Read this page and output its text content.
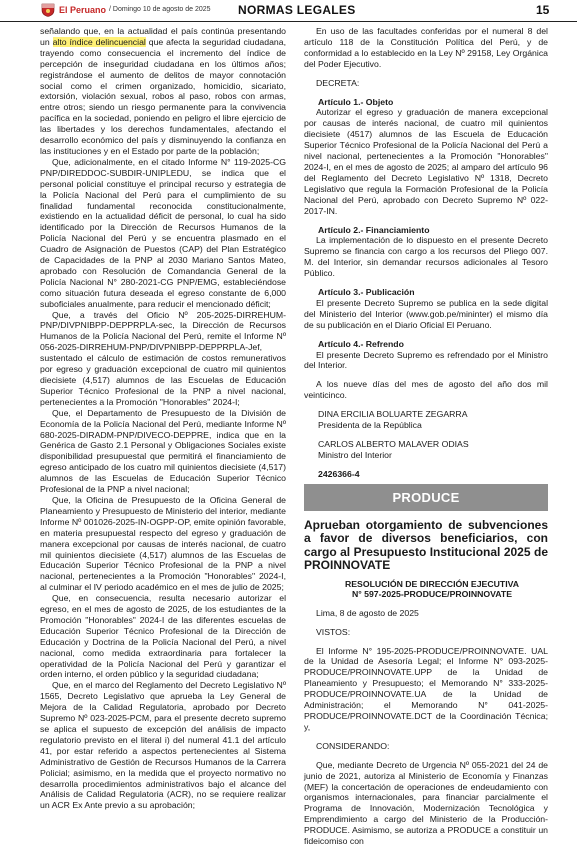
El Peruano / Domingo 10 de agosto de 2025 NORMAS LEGALES	15

señalando que, en la actualidad el país continúa presentando un alto índice delincuencial que afecta la seguridad ciudadana, trayendo como consecuencia el incremento del índice de percepción de inseguridad ciudadana en los últimos años; registrándose el aumento de delitos de mayor connotación social como el crimen organizado, homicidio, sicariato, extorsión, violación sexual, robos al paso, robos con armas, entre otros; siendo un riesgo permanente para la convivencia pacífica en la sociedad, poniendo en peligro el libre ejercicio de las libertades y los derechos fundamentales, afectando el desarrollo económico del país y disminuyendo la confianza en las instituciones y en el Estado por parte de la población;

Que, adicionalmente, en el citado Informe N° 119-2025-CG PNP/DIREDDOC-SUBDIR-UNIPLEDU, se indica que el personal policial constituye el principal recurso y estrategia de la Policía Nacional del Perú para el cumplimiento de su finalidad fundamental reconocida constitucionalmente, existiendo en la actualidad déficit de personal, lo cual ha sido identificado por la Dirección de Recursos Humanos de la Policía Nacional del Perú y se encuentra plasmado en el Cuadro de Asignación de Puestos (CAP) del Plan Estratégico de Capacidades de la PNP al 2030 Mariano Santos Mateo, aprobado con Resolución de Comandancia General de la Policía Nacional N° 280-2021-CG PNP/EMG, estableciéndose como situación futura deseada el egreso constante de 6,000 suboficiales anualmente, para reducir el mencionado déficit;

Que, a través del Oficio Nº 205-2025-DIRREHUM-PNP/DIVPNIBPP-DEPPRPLA-sec, la Dirección de Recursos Humanos de la Policía Nacional del Perú, remite el Informe Nº 056-2025-DIRREHUM-PNP/DIVPNIBPP-DEPPRPLA-Jef, sustentado el cálculo de estimación de costos remunerativos por egreso y graduación excepcional de cuatro mil quinientos diecisiete (4,517) alumnos de las Escuelas de Educación Superior Técnico Profesional de la PNP a nivel nacional, pertenecientes a la Promoción "Honorables" 2024-I;

Que, el Departamento de Presupuesto de la División de Economía de la Policía Nacional del Perú, mediante Informe Nº 680-2025-DIRADM-PNP/DIVECO-DEPPRE, indica que en la Genérica de Gasto 2.1 Personal y Obligaciones Sociales existe disponibilidad presupuestal que permitirá el financiamiento de egreso anticipado de los cuatro mil quinientos diecisiete (4,517) alumnos de las Escuelas de Educación Superior Técnico Profesional de la PNP a nivel nacional;

Que, la Oficina de Presupuesto de la Oficina General de Planeamiento y Presupuesto de Ministerio del interior, mediante Informe Nº 001026-2025-IN-OGPP-OP, emite opinión favorable, en materia presupuestal respecto del egreso y graduación de manera excepcional por causas de interés nacional, de cuatro mil quinientos diecisiete (4,517) alumnos de las Escuelas de Educación Superior Técnico Profesional de la PNP a nivel nacional, pertenecientes a la Promoción "Honorables" 2024-I, al culminar el IV periodo académico en el mes de julio de 2025;

Que, en consecuencia, resulta necesario autorizar el egreso, en el mes de agosto de 2025, de los estudiantes de la Promoción "Honorables" 2024-I de las diferentes escuelas de Educación Superior Técnico Profesional de la Dirección de Educación y Doctrina de la Policía Nacional del Perú, a nivel nacional, como medida extraordinaria para fortalecer la operatividad de la Policía Nacional del Perú y garantizar el orden interno, el orden público y la seguridad ciudadana;

Que, en el marco del Reglamento del Decreto Legislativo Nº 1565, Decreto Legislativo que aprueba la Ley General de Mejora de la Calidad Regulatoria, aprobado por Decreto Supremo Nº 023-2025-PCM, para el presente decreto supremo se aplica el supuesto de excepción del análisis de impacto regulatorio previsto en el literal i) del numeral 41.1 del artículo 41, por estar referido a aspectos pertenecientes al Sistema Administrativo de Gestión de Recursos Humanos de la Carrera Policial; asimismo, en la medida que el proyecto normativo no desarrolla procedimientos administrativos bajo el alcance del Análisis de Calidad Regulatoria (ACR), no se requiere realizar un ACR Ex Ante previo a su aprobación;

En uso de las facultades conferidas por el numeral 8 del artículo 118 de la Constitución Política del Perú, y de conformidad a lo establecido en la Ley Nº 29158, Ley Orgánica del Poder Ejecutivo.

DECRETA:

Artículo 1.- Objeto

Autorizar el egreso y graduación de manera excepcional por causas de interés nacional, de cuatro mil quinientos diecisiete (4517) alumnos de las Escuela de Educación Superior Técnico Profesional de la Policía Nacional del Perú a nivel nacional, pertenecientes a la Promoción "Honorables" 2024-I, en el mes de agosto de 2025; al amparo del artículo 96 del Reglamento del Decreto Legislativo Nº 1318, Decreto Legislativo que regula la Formación Profesional de la Policía Nacional del Perú, aprobado con Decreto Supremo Nº 022-2017-IN.

Artículo 2.- Financiamiento

La implementación de lo dispuesto en el presente Decreto Supremo se financia con cargo a los recursos del Pliego 007. M. del Interior, sin demandar recursos adicionales al Tesoro Público.

Artículo 3.- Publicación

El presente Decreto Supremo se publica en la sede digital del Ministerio del Interior (www.gob.pe/mininter) el mismo día de su publicación en el Diario Oficial El Peruano.

Artículo 4.- Refrendo

El presente Decreto Supremo es refrendado por el Ministro del Interior.

A los nueve días del mes de agosto del año dos mil veinticinco.

DINA ERCILIA BOLUARTE ZEGARRA

Presidenta de la República

CARLOS ALBERTO MALAVER ODIAS

Ministro del Interior

2426366-4

PRODUCE
Aprueban otorgamiento de subvenciones a favor de diversos beneficiarios, con cargo al Presupuesto Institucional 2025 de PROINNOVATE

RESOLUCIÓN DE DIRECCIÓN EJECUTIVA

N° 597-2025-PRODUCE/PROINNOVATE

Lima, 8 de agosto de 2025

VISTOS:

El Informe N° 195-2025-PRODUCE/PROINNOVATE. UAL de la Unidad de Asesoría Legal; el Informe N° 093-2025-PRODUCE/PROINNOVATE.UPP de la Unidad de Planeamiento y Presupuesto; el Memorando N° 333-2025-PRODUCE/PROINNOVATE.UA de la Unidad de Administración; el Memorando N° 041-2025-PRODUCE/PROINNOVATE.DCT de la Coordinación Técnica; y,

CONSIDERANDO:

Que, mediante Decreto de Urgencia Nº 055-2021 del 24 de junio de 2021, autoriza al Ministerio de Economía y Finanzas (MEF) la concertación de operaciones de endeudamiento con organismos internacionales, para financiar parcialmente el Programa de Innovación, Modernización Tecnológica y Emprendimiento a cargo del Ministerio de la Producción-PRODUCE. Asimismo, se autoriza a PRODUCE a constituir un fideicomiso con
